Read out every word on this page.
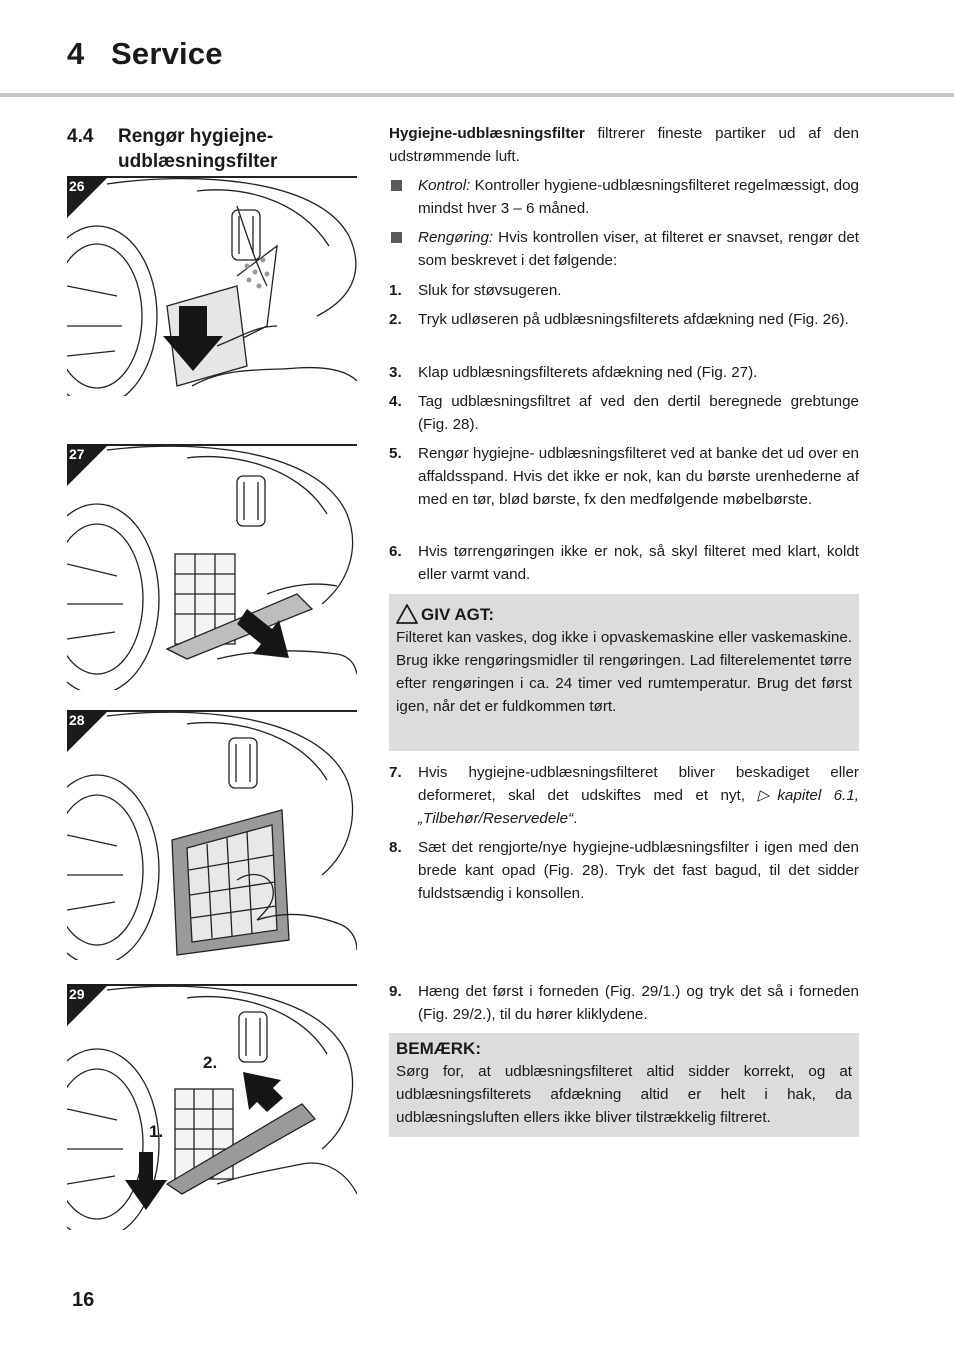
4 Service
4.4 Rengør hygiejne-udblæsningsfilter
26
27
28
29
1.
2.
Hygiejne-udblæsningsfilter filtrerer fineste partiker ud af den udstrømmende luft.
Kontrol: Kontroller hygiene-udblæsningsfilteret regelmæssigt, dog mindst hver 3 – 6 måned.
Rengøring: Hvis kontrollen viser, at filteret er snavset, rengør det som beskrevet i det følgende:
1. Sluk for støvsugeren.
2. Tryk udløseren på udblæsningsfilterets afdækning ned (Fig. 26).
3. Klap udblæsningsfilterets afdækning ned (Fig. 27).
4. Tag udblæsningsfiltret af ved den dertil beregnede grebtunge (Fig. 28).
5. Rengør hygiejne- udblæsningsfilteret ved at banke det ud over en affaldsspand. Hvis det ikke er nok, kan du børste urenhederne af med en tør, blød børste, fx den medfølgende møbelbørste.
6. Hvis tørrengøringen ikke er nok, så skyl filteret med klart, koldt eller varmt vand.
GIV AGT:
Filteret kan vaskes, dog ikke i opvaskemaskine eller vaskemaskine. Brug ikke rengøringsmidler til rengøringen. Lad filterelementet tørre efter rengøringen i ca. 24 timer ved rumtemperatur. Brug det først igen, når det er fuldkommen tørt.
7. Hvis hygiejne-udblæsningsfilteret bliver beskadiget eller deformeret, skal det udskiftes med et nyt, ▷kapitel 6.1, „Tilbehør/Reservedele“.
8. Sæt det rengjorte/nye hygiejne-udblæsningsfilter i igen med den brede kant opad (Fig. 28). Tryk det fast bagud, til det sidder fuldstsændig i konsollen.
9. Hæng det først i forneden (Fig. 29/1.) og tryk det så i forneden (Fig. 29/2.), til du hører kliklydene.
BEMÆRK:
Sørg for, at udblæsningsfilteret altid sidder korrekt, og at udblæsningsfilterets afdækning altid er helt i hak, da udblæsningsluften ellers ikke bliver tilstrækkelig filtreret.
16
